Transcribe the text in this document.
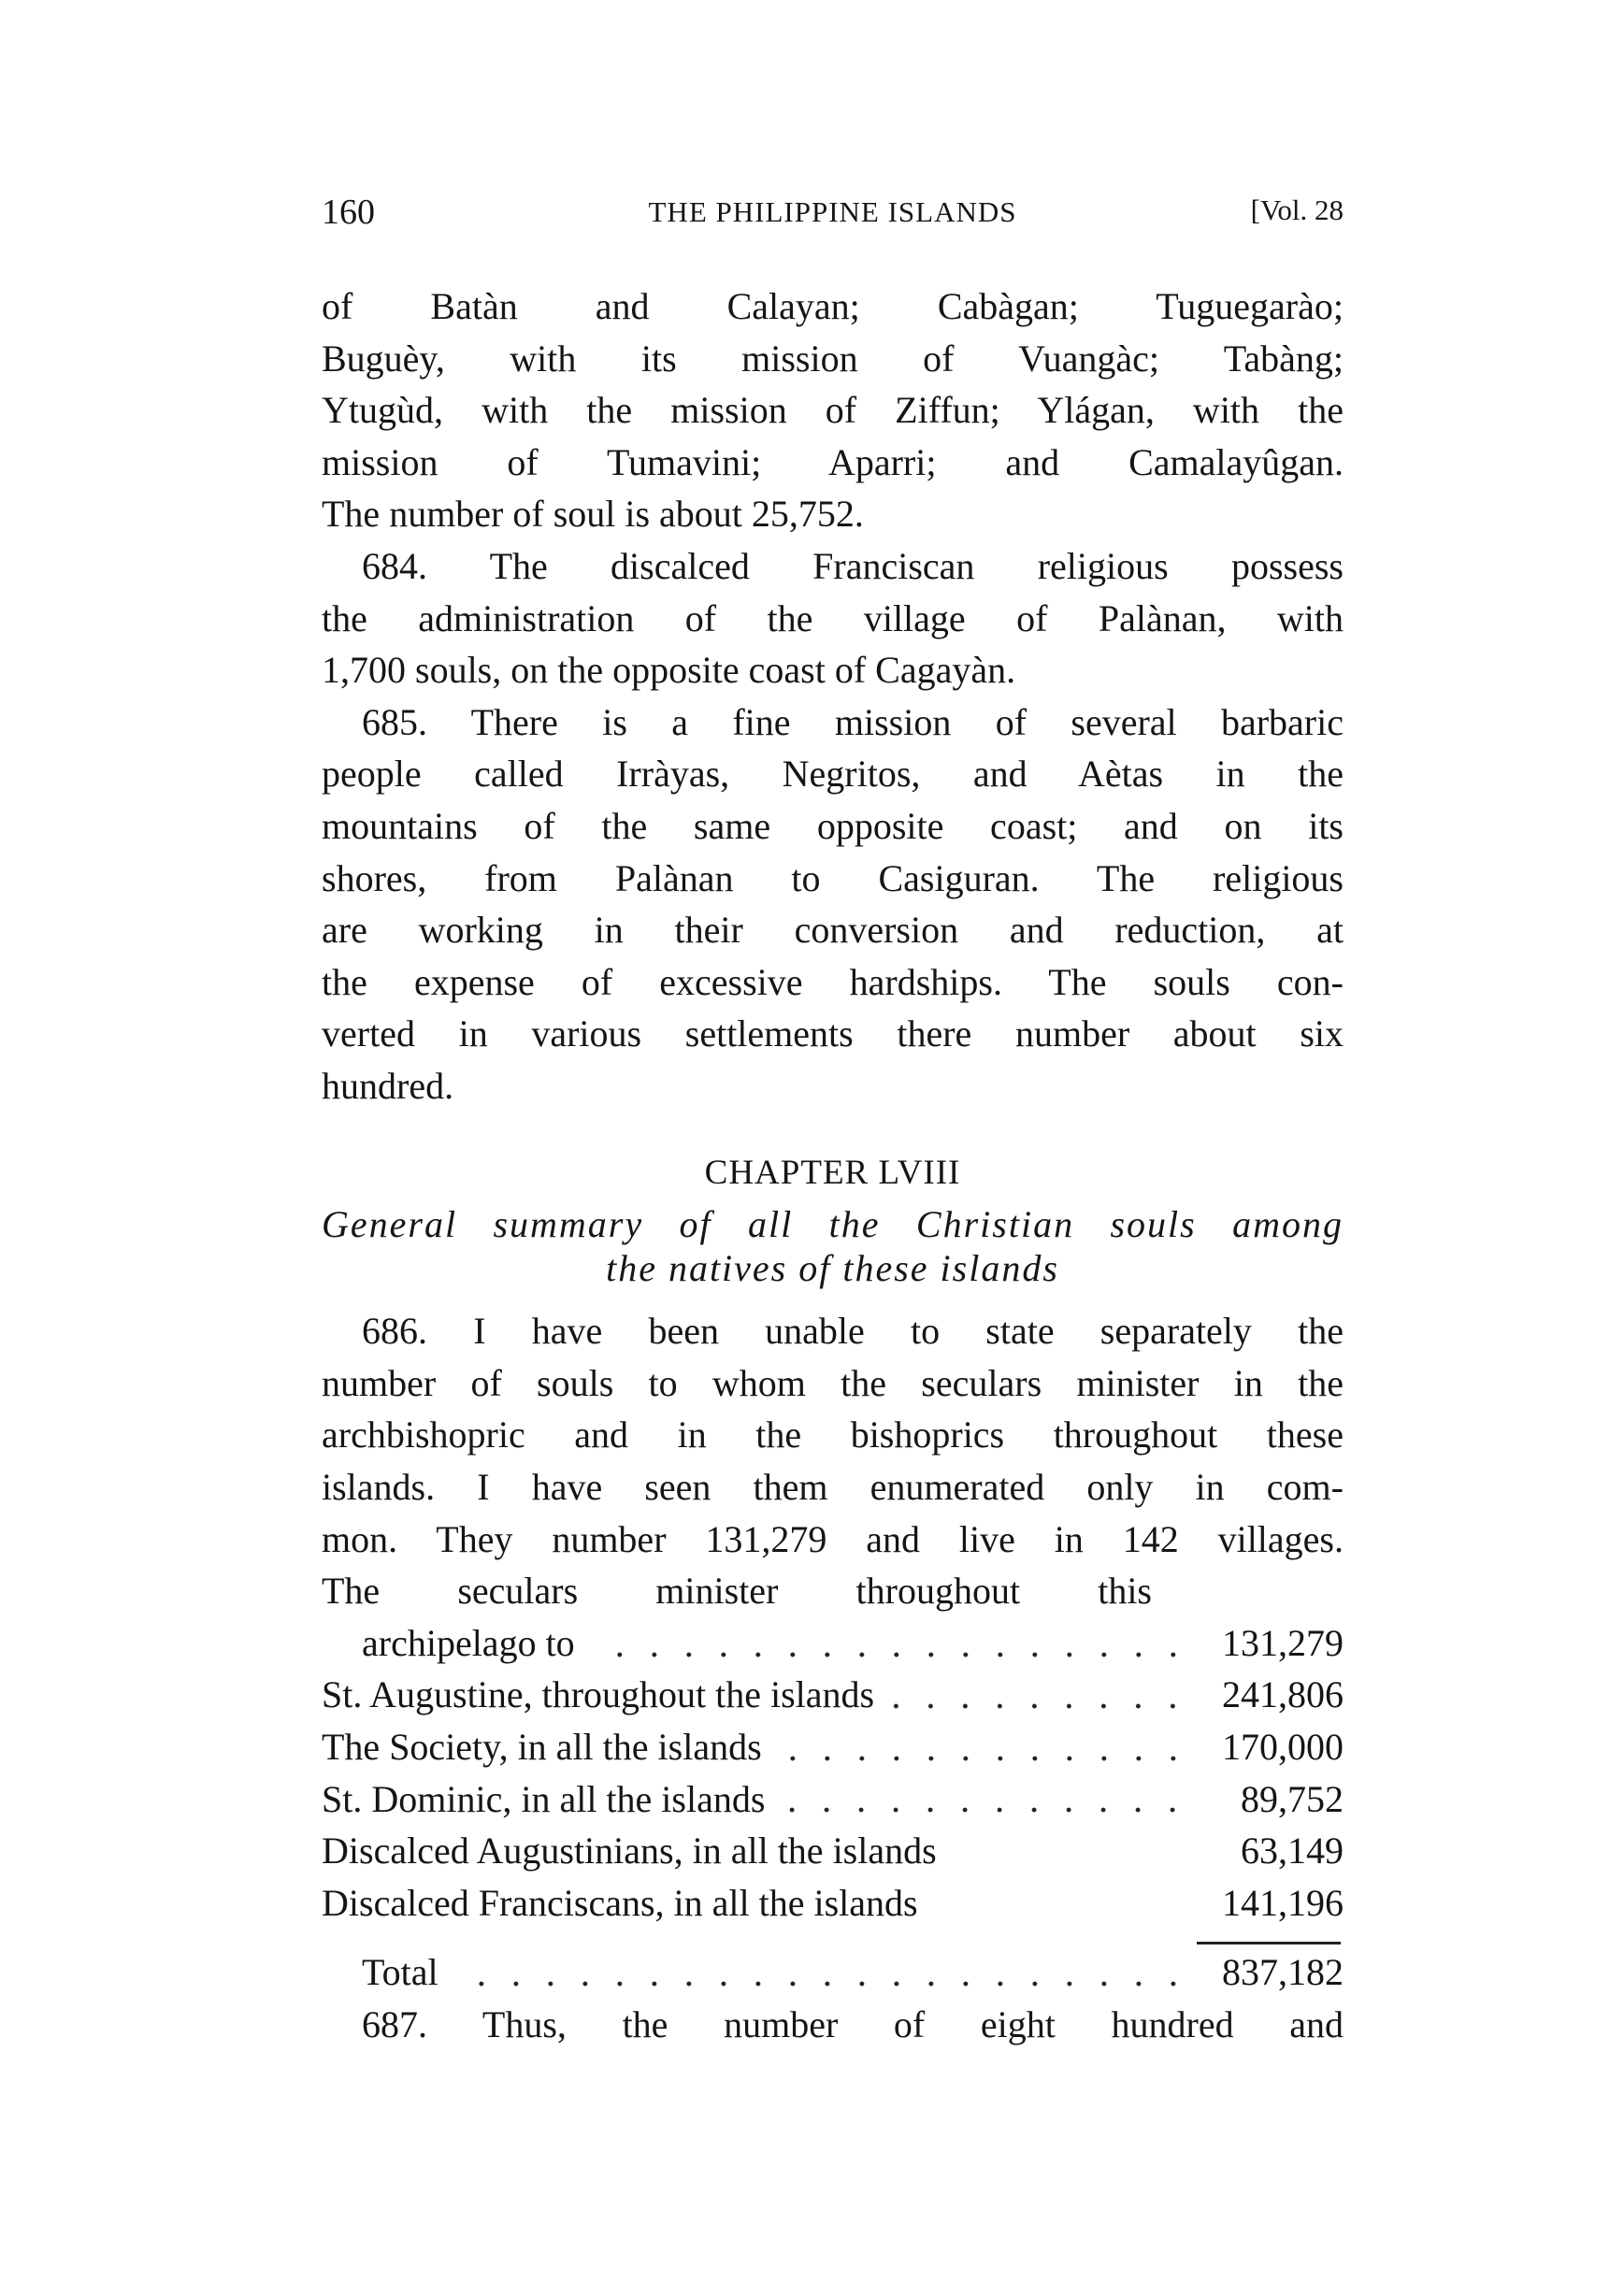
160	THE PHILIPPINE ISLANDS	[Vol. 28
of Batàn and Calayan; Cabàgan; Tuguegarào;
Buguèy, with its mission of Vuangàc; Tabàng;
Ytugùd, with the mission of Ziffun; Ylágan, with the
mission of Tumavini; Aparri; and Camalayûgan.
The number of soul is about 25,752.
684. The discalced Franciscan religious possess
the administration of the village of Palànan, with
1,700 souls, on the opposite coast of Cagayàn.
685. There is a fine mission of several barbaric
people called Irràyas, Negritos, and Aètas in the
mountains of the same opposite coast; and on its
shores, from Palànan to Casiguran. The religious
are working in their conversion and reduction, at
the expense of excessive hardships. The souls con-
verted in various settlements there number about six
hundred.
CHAPTER LVIII
General summary of all the Christian souls among
the natives of these islands
686. I have been unable to state separately the
number of souls to whom the seculars minister in the
archbishopric and in the bishoprics throughout these
islands. I have seen them enumerated only in com-
mon. They number 131,279 and live in 142 villages.
The seculars minister throughout this
archipelago to	131,279
St. Augustine, throughout the islands	241,806
The Society, in all the islands	170,000
St. Dominic, in all the islands	89,752
Discalced Augustinians, in all the islands	63,149
Discalced Franciscans, in all the islands	141,196
Total	837,182
687. Thus, the number of eight hundred and
